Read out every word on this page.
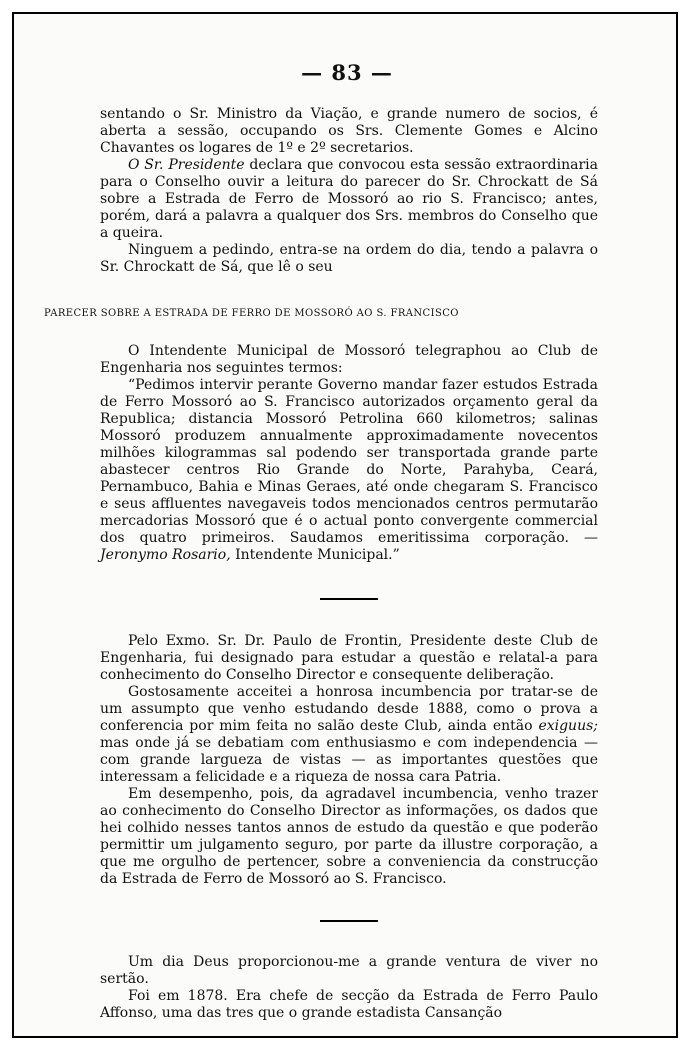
— 83 —

sentando o Sr. Ministro da Viação, e grande numero de socios, é aberta a sessão, occupando os Srs. Clemente Gomes e Alcino Chavantes os logares de 1º e 2º secretarios.

O Sr. Presidente declara que convocou esta sessão extraordinaria para o Conselho ouvir a leitura do parecer do Sr. Chrockatt de Sá sobre a Estrada de Ferro de Mossoró ao rio S. Francisco; antes, porém, dará a palavra a qualquer dos Srs. membros do Conselho que a queira.

Ninguem a pedindo, entra-se na ordem do dia, tendo a palavra o Sr. Chrockatt de Sá, que lê o seu

PARECER SOBRE A ESTRADA DE FERRO DE MOSSORÓ AO S. FRANCISCO

O Intendente Municipal de Mossoró telegraphou ao Club de Engenharia nos seguintes termos:

“Pedimos intervir perante Governo mandar fazer estudos Estrada de Ferro Mossoró ao S. Francisco autorizados orçamento geral da Republica; distancia Mossoró Petrolina 660 kilometros; salinas Mossoró produzem annualmente approximadamente novecentos milhões kilogrammas sal podendo ser transportada grande parte abastecer centros Rio Grande do Norte, Parahyba, Ceará, Pernambuco, Bahia e Minas Geraes, até onde chegaram S. Francisco e seus affluentes navegaveis todos mencionados centros permutarão mercadorias Mossoró que é o actual ponto convergente commercial dos quatro primeiros. Saudamos emeritissima corporação. — Jeronymo Rosario, Intendente Municipal.”

Pelo Exmo. Sr. Dr. Paulo de Frontin, Presidente deste Club de Engenharia, fui designado para estudar a questão e relatal-a para conhecimento do Conselho Director e consequente deliberação.

Gostosamente acceitei a honrosa incumbencia por tratar-se de um assumpto que venho estudando desde 1888, como o prova a conferencia por mim feita no salão deste Club, ainda então exiguus; mas onde já se debatiam com enthusiasmo e com independencia — com grande largueza de vistas — as importantes questões que interessam a felicidade e a riqueza de nossa cara Patria.

Em desempenho, pois, da agradavel incumbencia, venho trazer ao conhecimento do Conselho Director as informações, os dados que hei colhido nesses tantos annos de estudo da questão e que poderão permittir um julgamento seguro, por parte da illustre corporação, a que me orgulho de pertencer, sobre a conveniencia da construcção da Estrada de Ferro de Mossoró ao S. Francisco.

Um dia Deus proporcionou-me a grande ventura de viver no sertão.

Foi em 1878. Era chefe de secção da Estrada de Ferro Paulo Affonso, uma das tres que o grande estadista Cansanção
